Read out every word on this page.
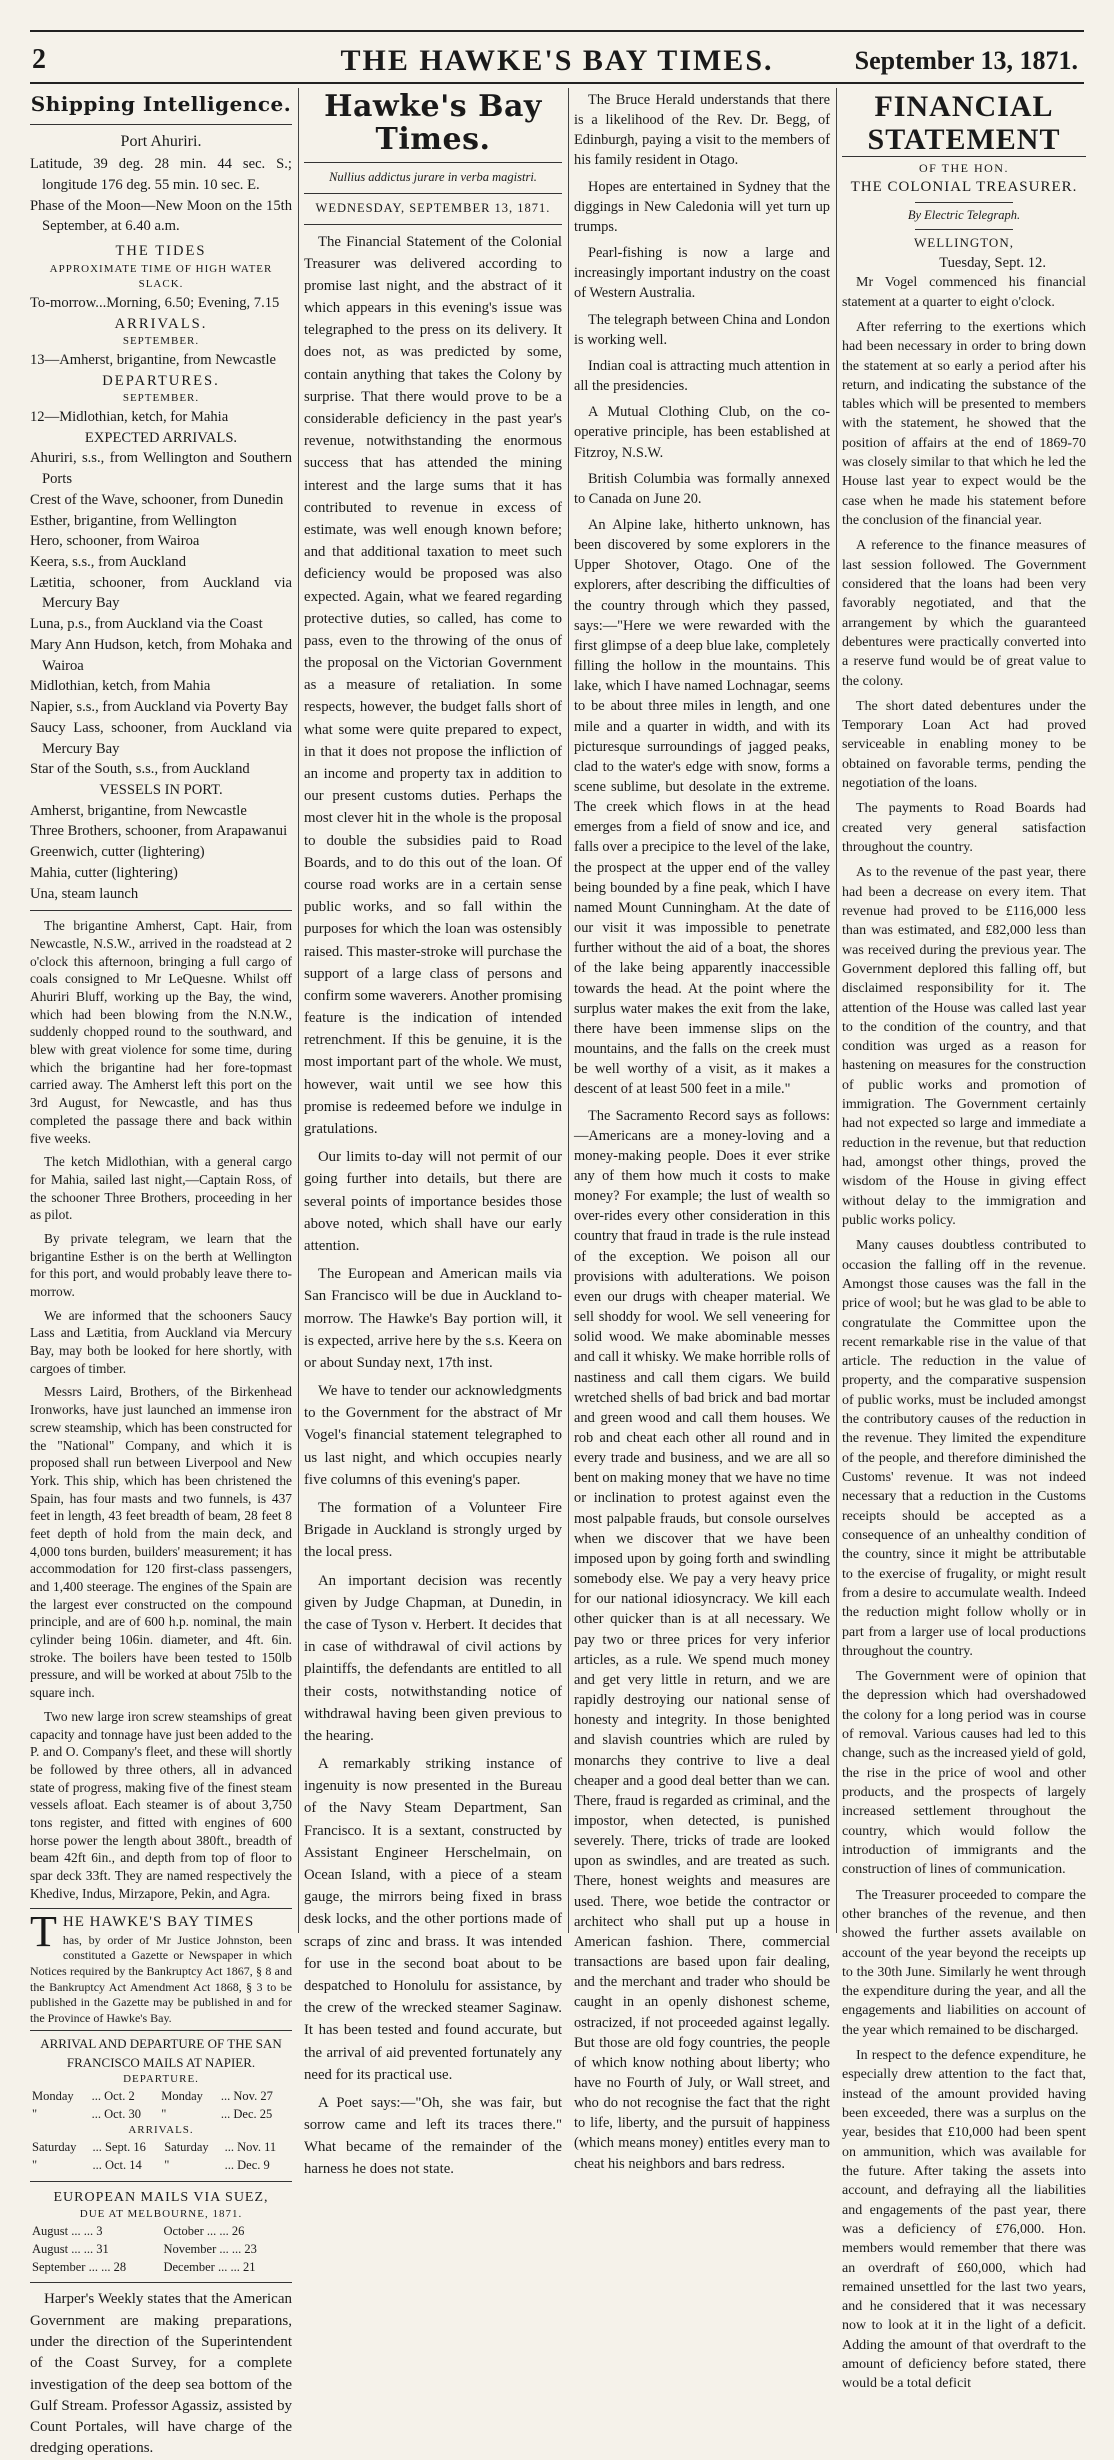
2	THE HAWKE'S BAY TIMES.	September 13, 1871.
Shipping Intelligence.
Port Ahuriri.

Latitude, 39 deg. 28 min. 44 sec. S.; longitude 176 deg. 55 min. 10 sec. E.

Phase of the Moon—New Moon on the 15th September, at 6.40 a.m.

THE TIDES
APPROXIMATE TIME OF HIGH WATER SLACK.
To-morrow...Morning, 6.50; Evening, 7.15
ARRIVALS.
SEPTEMBER.

13—Amherst, brigantine, from Newcastle

DEPARTURES.
SEPTEMBER.

12—Midlothian, ketch, for Mahia

EXPECTED ARRIVALS.

Ahuriri, s.s., from Wellington and Southern Ports

Crest of the Wave, schooner, from Dunedin

Esther, brigantine, from Wellington

Hero, schooner, from Wairoa

Keera, s.s., from Auckland

Lætitia, schooner, from Auckland via Mercury Bay

Luna, p.s., from Auckland via the Coast

Mary Ann Hudson, ketch, from Mohaka and Wairoa

Midlothian, ketch, from Mahia

Napier, s.s., from Auckland via Poverty Bay

Saucy Lass, schooner, from Auckland via Mercury Bay

Star of the South, s.s., from Auckland

VESSELS IN PORT.

Amherst, brigantine, from Newcastle

Three Brothers, schooner, from Arapawanui

Greenwich, cutter (lightering)

Mahia, cutter (lightering)

Una, steam launch

The brigantine Amherst, Capt. Hair, from Newcastle, N.S.W., arrived in the roadstead at 2 o'clock this afternoon, bringing a full cargo of coals consigned to Mr LeQuesne. Whilst off Ahuriri Bluff, working up the Bay, the wind, which had been blowing from the N.N.W., suddenly chopped round to the southward, and blew with great violence for some time, during which the brigantine had her fore-topmast carried away. The Amherst left this port on the 3rd August, for Newcastle, and has thus completed the passage there and back within five weeks.

The ketch Midlothian, with a general cargo for Mahia, sailed last night,—Captain Ross, of the schooner Three Brothers, proceeding in her as pilot.

By private telegram, we learn that the brigantine Esther is on the berth at Wellington for this port, and would probably leave there to-morrow.

We are informed that the schooners Saucy Lass and Lætitia, from Auckland via Mercury Bay, may both be looked for here shortly, with cargoes of timber.

Messrs Laird, Brothers, of the Birkenhead Ironworks, have just launched an immense iron screw steamship, which has been constructed for the "National" Company, and which it is proposed shall run between Liverpool and New York. This ship, which has been christened the Spain, has four masts and two funnels, is 437 feet in length, 43 feet breadth of beam, 28 feet 8 feet depth of hold from the main deck, and 4,000 tons burden, builders' measurement; it has accommodation for 120 first-class passengers, and 1,400 steerage. The engines of the Spain are the largest ever constructed on the compound principle, and are of 600 h.p. nominal, the main cylinder being 106in. diameter, and 4ft. 6in. stroke. The boilers have been tested to 150lb pressure, and will be worked at about 75lb to the square inch.

Two new large iron screw steamships of great capacity and tonnage have just been added to the P. and O. Company's fleet, and these will shortly be followed by three others, all in advanced state of progress, making five of the finest steam vessels afloat. Each steamer is of about 3,750 tons register, and fitted with engines of 600 horse power the length about 380ft., breadth of beam 42ft 6in., and depth from top of floor to spar deck 33ft. They are named respectively the Khedive, Indus, Mirzapore, Pekin, and Agra.

T HE HAWKE'S BAY TIMES
has, by order of Mr Justice Johnston, been constituted a Gazette or Newspaper in which Notices required by the Bankruptcy Act 1867, § 8 and the Bankruptcy Act Amendment Act 1868, § 3 to be published in the Gazette may be published in and for the Province of Hawke's Bay.
ARRIVAL AND DEPARTURE OF THE SAN FRANCISCO MAILS AT NAPIER.
DEPARTURE.
Monday	... Oct. 2	Monday	... Nov. 27
"	... Oct. 30	"	... Dec. 25
ARRIVALS.
Saturday	... Sept. 16	Saturday	... Nov. 11
"	... Oct. 14	"	... Dec. 9
EUROPEAN MAILS VIA SUEZ,
DUE AT MELBOURNE, 1871.
August ... ... 3	October ... ... 26
August ... ... 31	November ... ... 23
September ... ... 28	December ... ... 21

Harper's Weekly states that the American Government are making preparations, under the direction of the Superintendent of the Coast Survey, for a complete investigation of the deep sea bottom of the Gulf Stream. Professor Agassiz, assisted by Count Portales, will have charge of the dredging operations.

Hawke's Bay Times.
Nullius addictus jurare in verba magistri.
WEDNESDAY, SEPTEMBER 13, 1871.

The Financial Statement of the Colonial Treasurer was delivered according to promise last night, and the abstract of it which appears in this evening's issue was telegraphed to the press on its delivery. It does not, as was predicted by some, contain anything that takes the Colony by surprise. That there would prove to be a considerable deficiency in the past year's revenue, notwithstanding the enormous success that has attended the mining interest and the large sums that it has contributed to revenue in excess of estimate, was well enough known before; and that additional taxation to meet such deficiency would be proposed was also expected. Again, what we feared regarding protective duties, so called, has come to pass, even to the throwing of the onus of the proposal on the Victorian Government as a measure of retaliation. In some respects, however, the budget falls short of what some were quite prepared to expect, in that it does not propose the infliction of an income and property tax in addition to our present customs duties. Perhaps the most clever hit in the whole is the proposal to double the subsidies paid to Road Boards, and to do this out of the loan. Of course road works are in a certain sense public works, and so fall within the purposes for which the loan was ostensibly raised. This master-stroke will purchase the support of a large class of persons and confirm some waverers. Another promising feature is the indication of intended retrenchment. If this be genuine, it is the most important part of the whole. We must, however, wait until we see how this promise is redeemed before we indulge in gratulations.

Our limits to-day will not permit of our going further into details, but there are several points of importance besides those above noted, which shall have our early attention.

The European and American mails via San Francisco will be due in Auckland to-morrow. The Hawke's Bay portion will, it is expected, arrive here by the s.s. Keera on or about Sunday next, 17th inst.

We have to tender our acknowledgments to the Government for the abstract of Mr Vogel's financial statement telegraphed to us last night, and which occupies nearly five columns of this evening's paper.

The formation of a Volunteer Fire Brigade in Auckland is strongly urged by the local press.

An important decision was recently given by Judge Chapman, at Dunedin, in the case of Tyson v. Herbert. It decides that in case of withdrawal of civil actions by plaintiffs, the defendants are entitled to all their costs, notwithstanding notice of withdrawal having been given previous to the hearing.

A remarkably striking instance of ingenuity is now presented in the Bureau of the Navy Steam Department, San Francisco. It is a sextant, constructed by Assistant Engineer Herschelmain, on Ocean Island, with a piece of a steam gauge, the mirrors being fixed in brass desk locks, and the other portions made of scraps of zinc and brass. It was intended for use in the second boat about to be despatched to Honolulu for assistance, by the crew of the wrecked steamer Saginaw. It has been tested and found accurate, but the arrival of aid prevented fortunately any need for its practical use.

A Poet says:—"Oh, she was fair, but sorrow came and left its traces there." What became of the remainder of the harness he does not state.

The Bruce Herald understands that there is a likelihood of the Rev. Dr. Begg, of Edinburgh, paying a visit to the members of his family resident in Otago.

Hopes are entertained in Sydney that the diggings in New Caledonia will yet turn up trumps.

Pearl-fishing is now a large and increasingly important industry on the coast of Western Australia.

The telegraph between China and London is working well.

Indian coal is attracting much attention in all the presidencies.

A Mutual Clothing Club, on the co-operative principle, has been established at Fitzroy, N.S.W.

British Columbia was formally annexed to Canada on June 20.

An Alpine lake, hitherto unknown, has been discovered by some explorers in the Upper Shotover, Otago. One of the explorers, after describing the difficulties of the country through which they passed, says:—"Here we were rewarded with the first glimpse of a deep blue lake, completely filling the hollow in the mountains. This lake, which I have named Lochnagar, seems to be about three miles in length, and one mile and a quarter in width, and with its picturesque surroundings of jagged peaks, clad to the water's edge with snow, forms a scene sublime, but desolate in the extreme. The creek which flows in at the head emerges from a field of snow and ice, and falls over a precipice to the level of the lake, the prospect at the upper end of the valley being bounded by a fine peak, which I have named Mount Cunningham. At the date of our visit it was impossible to penetrate further without the aid of a boat, the shores of the lake being apparently inaccessible towards the head. At the point where the surplus water makes the exit from the lake, there have been immense slips on the mountains, and the falls on the creek must be well worthy of a visit, as it makes a descent of at least 500 feet in a mile."

The Sacramento Record says as follows:—Americans are a money-loving and a money-making people. Does it ever strike any of them how much it costs to make money? For example; the lust of wealth so over-rides every other consideration in this country that fraud in trade is the rule instead of the exception. We poison all our provisions with adulterations. We poison even our drugs with cheaper material. We sell shoddy for wool. We sell veneering for solid wood. We make abominable messes and call it whisky. We make horrible rolls of nastiness and call them cigars. We build wretched shells of bad brick and bad mortar and green wood and call them houses. We rob and cheat each other all round and in every trade and business, and we are all so bent on making money that we have no time or inclination to protest against even the most palpable frauds, but console ourselves when we discover that we have been imposed upon by going forth and swindling somebody else. We pay a very heavy price for our national idiosyncracy. We kill each other quicker than is at all necessary. We pay two or three prices for very inferior articles, as a rule. We spend much money and get very little in return, and we are rapidly destroying our national sense of honesty and integrity. In those benighted and slavish countries which are ruled by monarchs they contrive to live a deal cheaper and a good deal better than we can. There, fraud is regarded as criminal, and the impostor, when detected, is punished severely. There, tricks of trade are looked upon as swindles, and are treated as such. There, honest weights and measures are used. There, woe betide the contractor or architect who shall put up a house in American fashion. There, commercial transactions are based upon fair dealing, and the merchant and trader who should be caught in an openly dishonest scheme, ostracized, if not proceeded against legally. But those are old fogy countries, the people of which know nothing about liberty; who have no Fourth of July, or Wall street, and who do not recognise the fact that the right to life, liberty, and the pursuit of happiness (which means money) entitles every man to cheat his neighbors and bars redress.

FINANCIAL STATEMENT
OF THE HON.
THE COLONIAL TREASURER.
By Electric Telegraph.
WELLINGTON,
Tuesday, Sept. 12.

Mr Vogel commenced his financial statement at a quarter to eight o'clock.

After referring to the exertions which had been necessary in order to bring down the statement at so early a period after his return, and indicating the substance of the tables which will be presented to members with the statement, he showed that the position of affairs at the end of 1869-70 was closely similar to that which he led the House last year to expect would be the case when he made his statement before the conclusion of the financial year.

A reference to the finance measures of last session followed. The Government considered that the loans had been very favorably negotiated, and that the arrangement by which the guaranteed debentures were practically converted into a reserve fund would be of great value to the colony.

The short dated debentures under the Temporary Loan Act had proved serviceable in enabling money to be obtained on favorable terms, pending the negotiation of the loans.

The payments to Road Boards had created very general satisfaction throughout the country.

As to the revenue of the past year, there had been a decrease on every item. That revenue had proved to be £116,000 less than was estimated, and £82,000 less than was received during the previous year. The Government deplored this falling off, but disclaimed responsibility for it. The attention of the House was called last year to the condition of the country, and that condition was urged as a reason for hastening on measures for the construction of public works and promotion of immigration. The Government certainly had not expected so large and immediate a reduction in the revenue, but that reduction had, amongst other things, proved the wisdom of the House in giving effect without delay to the immigration and public works policy.

Many causes doubtless contributed to occasion the falling off in the revenue. Amongst those causes was the fall in the price of wool; but he was glad to be able to congratulate the Committee upon the recent remarkable rise in the value of that article. The reduction in the value of property, and the comparative suspension of public works, must be included amongst the contributory causes of the reduction in the revenue. They limited the expenditure of the people, and therefore diminished the Customs' revenue. It was not indeed necessary that a reduction in the Customs receipts should be accepted as a consequence of an unhealthy condition of the country, since it might be attributable to the exercise of frugality, or might result from a desire to accumulate wealth. Indeed the reduction might follow wholly or in part from a larger use of local productions throughout the country.

The Government were of opinion that the depression which had overshadowed the colony for a long period was in course of removal. Various causes had led to this change, such as the increased yield of gold, the rise in the price of wool and other products, and the prospects of largely increased settlement throughout the country, which would follow the introduction of immigrants and the construction of lines of communication.

The Treasurer proceeded to compare the other branches of the revenue, and then showed the further assets available on account of the year beyond the receipts up to the 30th June. Similarly he went through the expenditure during the year, and all the engagements and liabilities on account of the year which remained to be discharged.

In respect to the defence expenditure, he especially drew attention to the fact that, instead of the amount provided having been exceeded, there was a surplus on the year, besides that £10,000 had been spent on ammunition, which was available for the future. After taking the assets into account, and defraying all the liabilities and engagements of the past year, there was a deficiency of £76,000. Hon. members would remember that there was an overdraft of £60,000, which had remained unsettled for the last two years, and he considered that it was necessary now to look at it in the light of a deficit. Adding the amount of that overdraft to the amount of deficiency before stated, there would be a total deficit
